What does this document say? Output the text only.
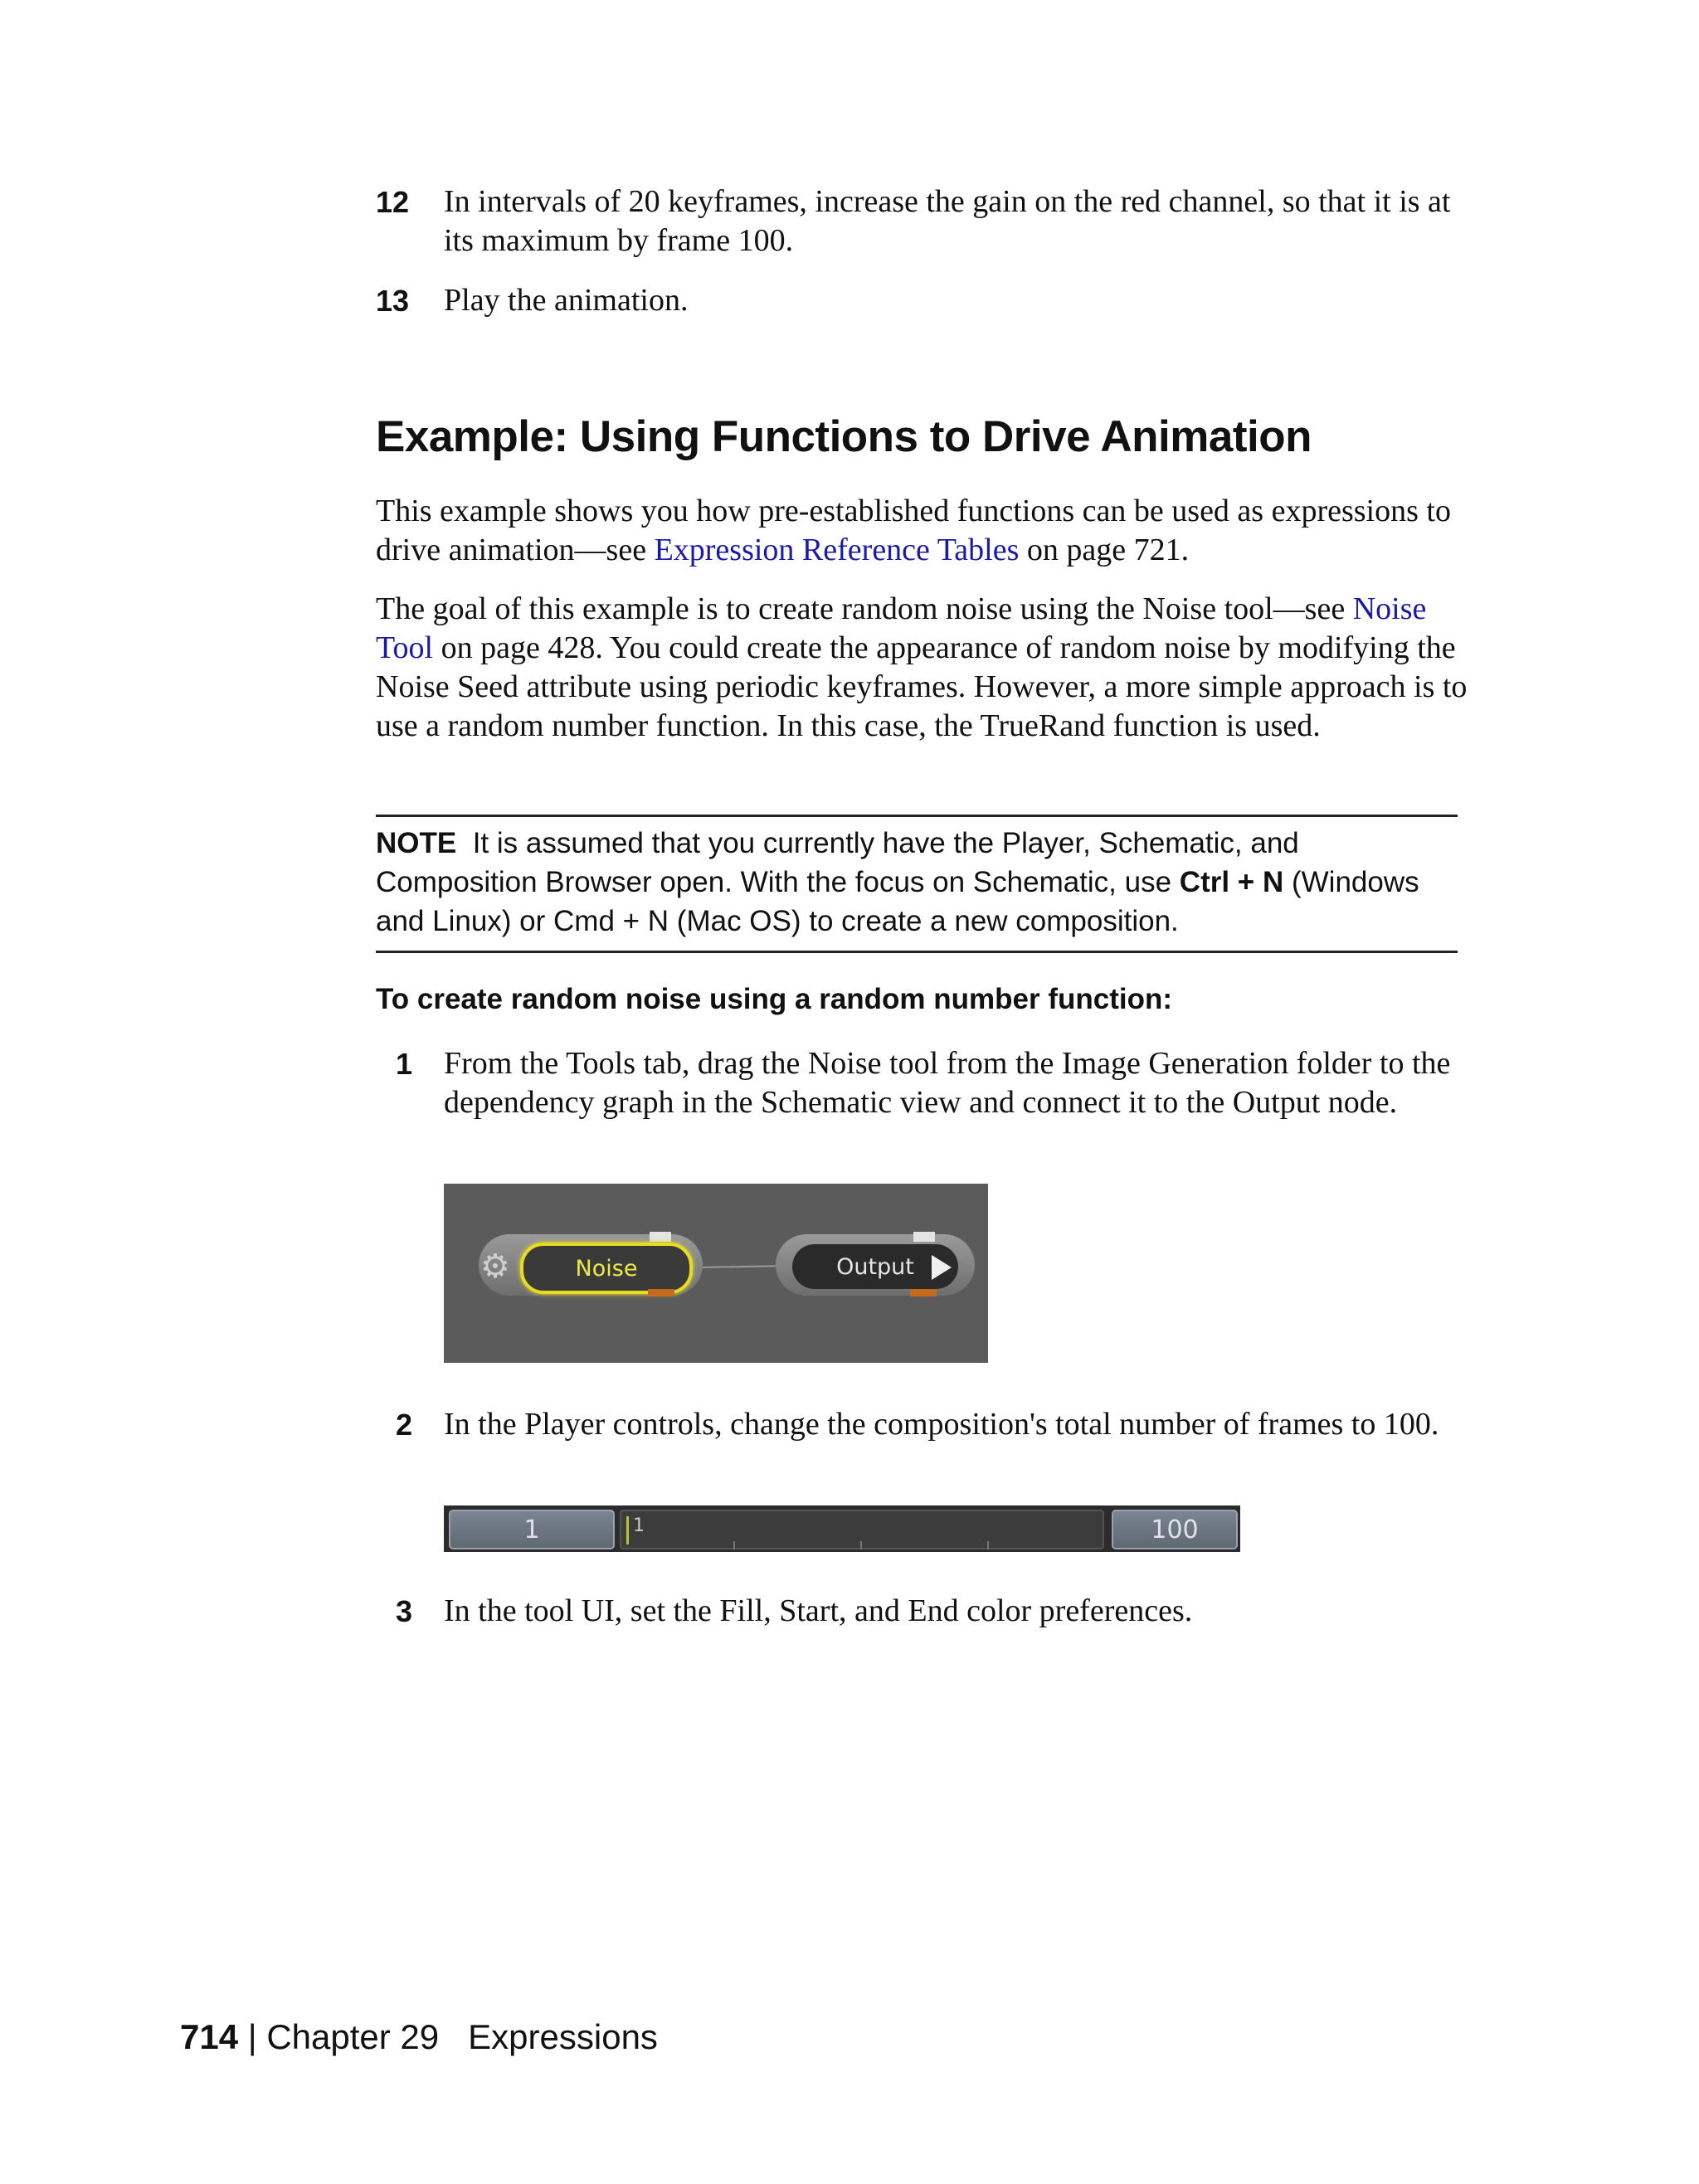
12 In intervals of 20 keyframes, increase the gain on the red channel, so that it is at its maximum by frame 100.
13 Play the animation.
Example: Using Functions to Drive Animation
This example shows you how pre-established functions can be used as expressions to drive animation—see Expression Reference Tables on page 721.
The goal of this example is to create random noise using the Noise tool—see Noise Tool on page 428. You could create the appearance of random noise by modifying the Noise Seed attribute using periodic keyframes. However, a more simple approach is to use a random number function. In this case, the TrueRand function is used.
NOTE It is assumed that you currently have the Player, Schematic, and Composition Browser open. With the focus on Schematic, use Ctrl + N (Windows and Linux) or Cmd + N (Mac OS) to create a new composition.
To create random noise using a random number function:
1 From the Tools tab, drag the Noise tool from the Image Generation folder to the dependency graph in the Schematic view and connect it to the Output node.
⚙	Noise	Output
2 In the Player controls, change the composition's total number of frames to 100.
1	1	100
3 In the tool UI, set the Fill, Start, and End color preferences.
714 | Chapter 29   Expressions
